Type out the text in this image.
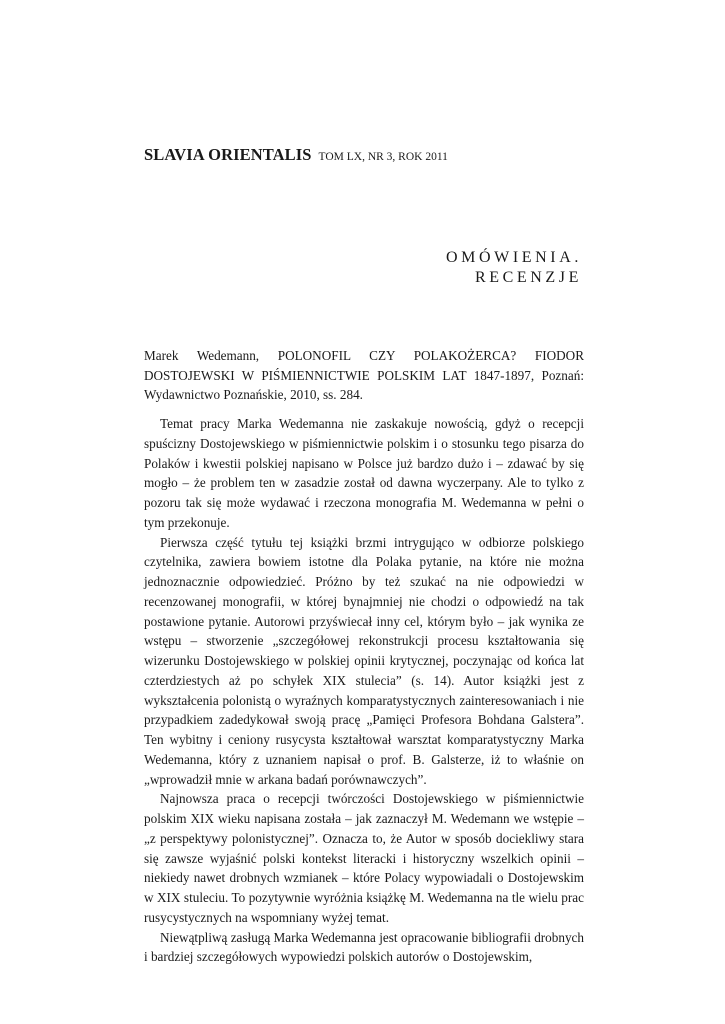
SLAVIA ORIENTALIS TOM LX, NR 3, ROK 2011
OMÓWIENIA.
RECENZJE
Marek Wedemann, POLONOFIL CZY POLAKOŻERCA? FIODOR DOSTOJEWSKI W PIŚMIENNICTWIE POLSKIM LAT 1847-1897, Poznań: Wydawnictwo Poznańskie, 2010, ss. 284.

Temat pracy Marka Wedemanna nie zaskakuje nowością, gdyż o recepcji spuścizny Dostojewskiego w piśmiennictwie polskim i o stosunku tego pisarza do Polaków i kwestii polskiej napisano w Polsce już bardzo dużo i – zdawać by się mogło – że problem ten w zasadzie został od dawna wyczerpany. Ale to tylko z pozoru tak się może wydawać i rzeczona monografia M. Wedemanna w pełni o tym przekonuje.

Pierwsza część tytułu tej książki brzmi intrygująco w odbiorze polskiego czytelnika, zawiera bowiem istotne dla Polaka pytanie, na które nie można jednoznacznie odpowiedzieć. Próżno by też szukać na nie odpowiedzi w recenzowanej monografii, w której bynajmniej nie chodzi o odpowiedź na tak postawione pytanie. Autorowi przyświecał inny cel, którym było – jak wynika ze wstępu – stworzenie „szczegółowej rekonstrukcji procesu kształtowania się wizerunku Dostojewskiego w polskiej opinii krytycznej, poczynając od końca lat czterdziestych aż po schyłek XIX stulecia” (s. 14). Autor książki jest z wykształcenia polonistą o wyraźnych komparatystycznych zainteresowaniach i nie przypadkiem zadedykował swoją pracę „Pamięci Profesora Bohdana Galstera”. Ten wybitny i ceniony rusycysta kształtował warsztat komparatystyczny Marka Wedemanna, który z uznaniem napisał o prof. B. Galsterze, iż to właśnie on „wprowadził mnie w arkana badań porównawczych”.

Najnowsza praca o recepcji twórczości Dostojewskiego w piśmiennictwie polskim XIX wieku napisana została – jak zaznaczył M. Wedemann we wstępie – „z perspektywy polonistycznej”. Oznacza to, że Autor w sposób dociekliwy stara się zawsze wyjaśnić polski kontekst literacki i historyczny wszelkich opinii – niekiedy nawet drobnych wzmianek – które Polacy wypowiadali o Dostojewskim w XIX stuleciu. To pozytywnie wyróżnia książkę M. Wedemanna na tle wielu prac rusycystycznych na wspomniany wyżej temat.

Niewątpliwą zasługą Marka Wedemanna jest opracowanie bibliografii drobnych i bardziej szczegółowych wypowiedzi polskich autorów o Dostojewskim,
